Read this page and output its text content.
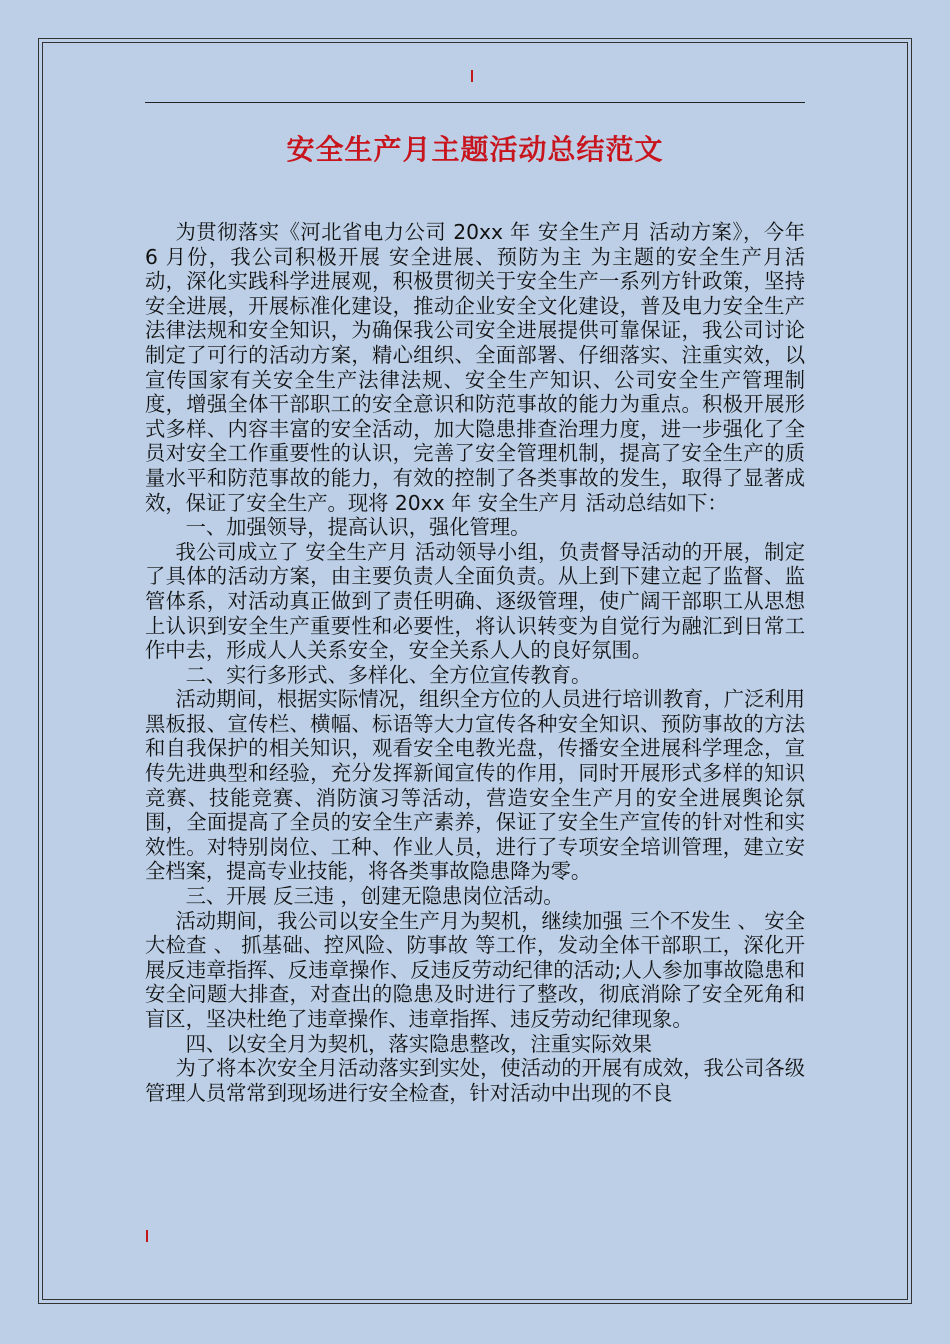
安全生产月主题活动总结范文

为贯彻落实《河北省电力公司 20xx 年 安全生产月 活动方案》，今年 6 月份，我公司积极开展 安全进展、预防为主 为主题的安全生产月活动，深化实践科学进展观，积极贯彻关于安全生产一系列方针政策，坚持安全进展，开展标准化建设，推动企业安全文化建设，普及电力安全生产法律法规和安全知识，为确保我公司安全进展提供可靠保证，我公司讨论制定了可行的活动方案，精心组织、全面部署、仔细落实、注重实效，以宣传国家有关安全生产法律法规、安全生产知识、公司安全生产管理制度，增强全体干部职工的安全意识和防范事故的能力为重点。积极开展形式多样、内容丰富的安全活动，加大隐患排查治理力度，进一步强化了全员对安全工作重要性的认识，完善了安全管理机制，提高了安全生产的质量水平和防范事故的能力，有效的控制了各类事故的发生，取得了显著成效，保证了安全生产。现将 20xx 年 安全生产月 活动总结如下：

一、加强领导，提高认识，强化管理。

我公司成立了 安全生产月 活动领导小组，负责督导活动的开展，制定了具体的活动方案，由主要负责人全面负责。从上到下建立起了监督、监管体系，对活动真正做到了责任明确、逐级管理，使广阔干部职工从思想上认识到安全生产重要性和必要性，将认识转变为自觉行为融汇到日常工作中去，形成人人关系安全，安全关系人人的良好氛围。

二、实行多形式、多样化、全方位宣传教育。

活动期间，根据实际情况，组织全方位的人员进行培训教育，广泛利用黑板报、宣传栏、横幅、标语等大力宣传各种安全知识、预防事故的方法和自我保护的相关知识，观看安全电教光盘，传播安全进展科学理念，宣传先进典型和经验，充分发挥新闻宣传的作用，同时开展形式多样的知识竞赛、技能竞赛、消防演习等活动，营造安全生产月的安全进展舆论氛围，全面提高了全员的安全生产素养，保证了安全生产宣传的针对性和实效性。对特别岗位、工种、作业人员，进行了专项安全培训管理，建立安全档案，提高专业技能，将各类事故隐患降为零。

三、开展 反三违 ，创建无隐患岗位活动。

活动期间，我公司以安全生产月为契机，继续加强 三个不发生 、 安全大检查 、 抓基础、控风险、防事故 等工作，发动全体干部职工，深化开展反违章指挥、反违章操作、反违反劳动纪律的活动;人人参加事故隐患和安全问题大排查，对查出的隐患及时进行了整改，彻底消除了安全死角和盲区，坚决杜绝了违章操作、违章指挥、违反劳动纪律现象。

四、以安全月为契机，落实隐患整改，注重实际效果

为了将本次安全月活动落实到实处，使活动的开展有成效，我公司各级管理人员常常到现场进行安全检查，针对活动中出现的不良
